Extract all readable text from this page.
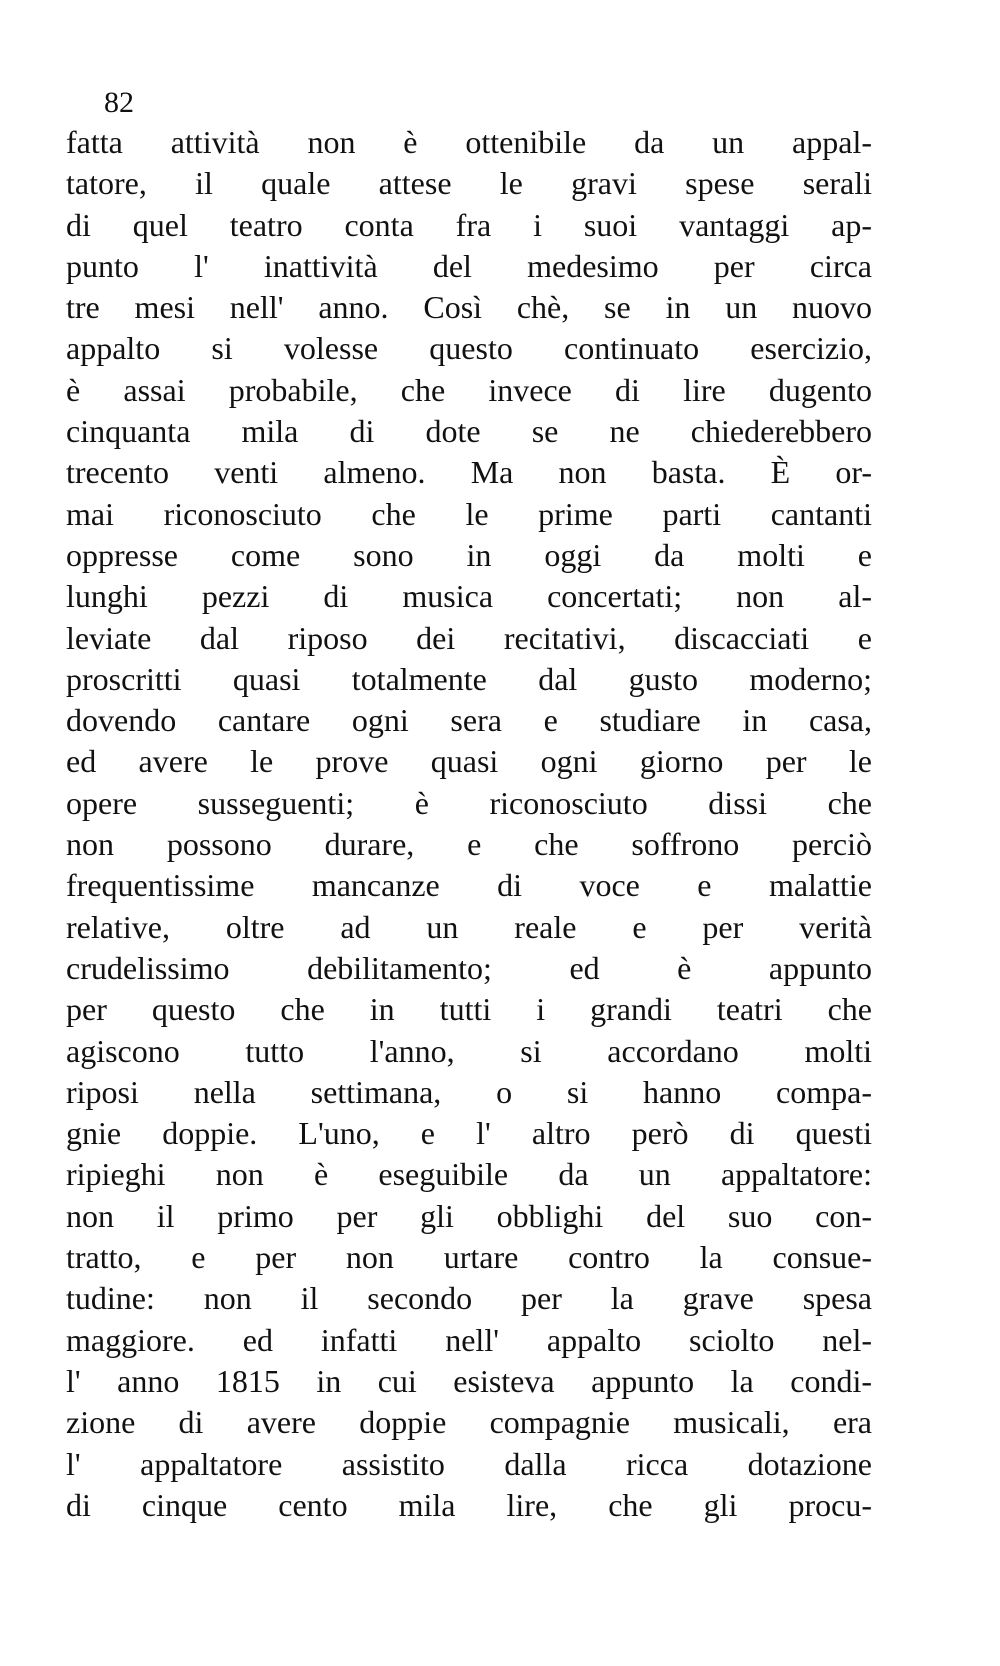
82
fatta attività non è ottenibile da un appal-
tatore, il quale attese le gravi spese serali
di quel teatro conta fra i suoi vantaggi ap-
punto l' inattività del medesimo per circa
tre mesi nell' anno. Così chè, se in un nuovo
appalto si volesse questo continuato esercizio,
è assai probabile, che invece di lire dugento
cinquanta mila di dote se ne chiederebbero
trecento venti almeno. Ma non basta. È or-
mai riconosciuto che le prime parti cantanti
oppresse come sono in oggi da molti e
lunghi pezzi di musica concertati; non al-
leviate dal riposo dei recitativi, discacciati e
proscritti quasi totalmente dal gusto moderno;
dovendo cantare ogni sera e studiare in casa,
ed avere le prove quasi ogni giorno per le
opere susseguenti; è riconosciuto dissi che
non possono durare, e che soffrono perciò
frequentissime mancanze di voce e malattie
relative, oltre ad un reale e per verità
crudelissimo debilitamento; ed è appunto
per questo che in tutti i grandi teatri che
agiscono tutto l'anno, si accordano molti
riposi nella settimana, o si hanno compa-
gnie doppie. L'uno, e l' altro però di questi
ripieghi non è eseguibile da un appaltatore:
non il primo per gli obblighi del suo con-
tratto, e per non urtare contro la consue-
tudine: non il secondo per la grave spesa
maggiore. ed infatti nell' appalto sciolto nel-
l' anno 1815 in cui esisteva appunto la condi-
zione di avere doppie compagnie musicali, era
l' appaltatore assistito dalla ricca dotazione
di cinque cento mila lire, che gli procu-
